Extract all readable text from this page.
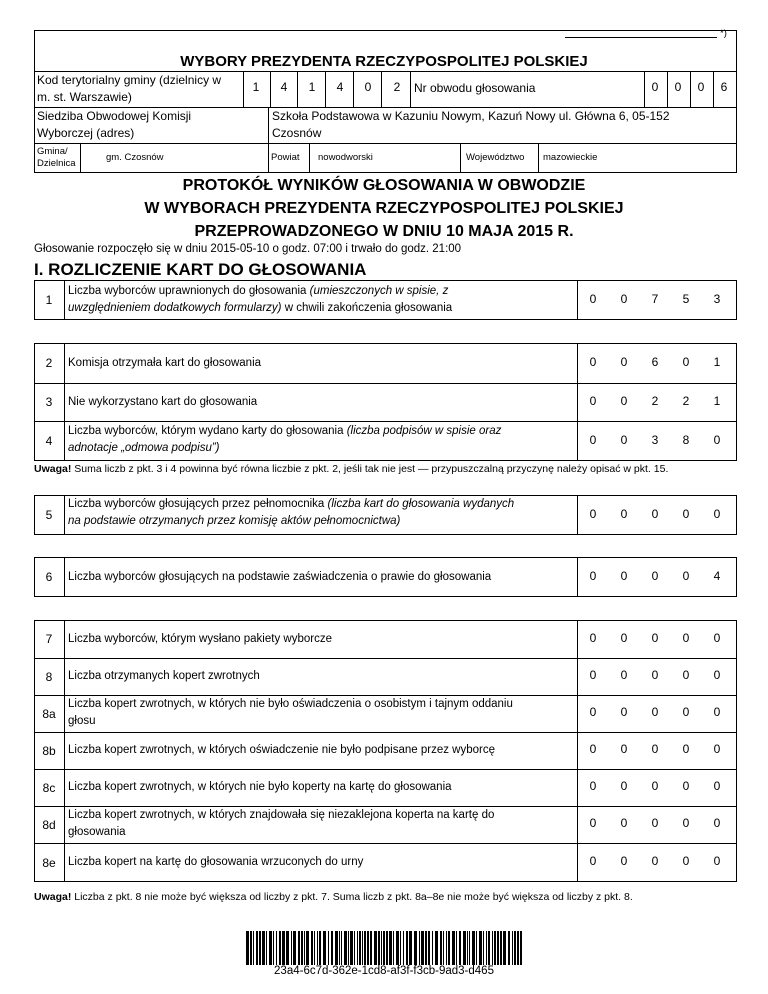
*)
WYBORY PREZYDENTA RZECZYPOSPOLITEJ POLSKIEJ
Kod terytorialny gminy (dzielnicy w
m. st. Warszawie)
1	4	1	4	0	2	Nr obwodu głosowania	0	0	0	6
Siedziba Obwodowej Komisji
Wyborczej (adres)
Szkoła Podstawowa w Kazuniu Nowym, Kazuń Nowy ul. Główna 6, 05-152
Czosnów
Gmina/
Dzielnica
gm. Czosnów	Powiat nowodworski	Województwo mazowieckie
PROTOKÓŁ WYNIKÓW GŁOSOWANIA W OBWODZIE
W WYBORACH PREZYDENTA RZECZYPOSPOLITEJ POLSKIEJ
PRZEPROWADZONEGO W DNIU 10 MAJA 2015 R.
Głosowanie rozpoczęło się w dniu 2015-05-10 o godz. 07:00 i trwało do godz. 21:00
I. ROZLICZENIE KART DO GŁOSOWANIA
1
Liczba wyborców uprawnionych do głosowania (umieszczonych w spisie, z
uwzględnieniem dodatkowych formularzy) w chwili zakończenia głosowania
0	0	7	5	3
2	Komisja otrzymała kart do głosowania	0	0	6	0	1
3	Nie wykorzystano kart do głosowania	0	0	2	2	1
4
Liczba wyborców, którym wydano karty do głosowania (liczba podpisów w spisie oraz
adnotacje „odmowa podpisu”)
0	0	3	8	0
Uwaga! Suma liczb z pkt. 3 i 4 powinna być równa liczbie z pkt. 2, jeśli tak nie jest — przypuszczalną przyczynę należy opisać w pkt. 15.
5
Liczba wyborców głosujących przez pełnomocnika (liczba kart do głosowania wydanych
na podstawie otrzymanych przez komisję aktów pełnomocnictwa)	0	0	0	0	0
6	Liczba wyborców głosujących na podstawie zaświadczenia o prawie do głosowania	0	0	0	0	4
7	Liczba wyborców, którym wysłano pakiety wyborcze	0	0	0	0	0
8	Liczba otrzymanych kopert zwrotnych	0	0	0	0	0
8a
Liczba kopert zwrotnych, w których nie było oświadczenia o osobistym i tajnym oddaniu
głosu
0	0	0	0	0
8b	Liczba kopert zwrotnych, w których oświadczenie nie było podpisane przez wyborcę	0	0	0	0	0
8c	Liczba kopert zwrotnych, w których nie było koperty na kartę do głosowania	0	0	0	0	0
8d
Liczba kopert zwrotnych, w których znajdowała się niezaklejona koperta na kartę do
głosowania
0	0	0	0	0
8e	Liczba kopert na kartę do głosowania wrzuconych do urny	0	0	0	0	0
Uwaga! Liczba z pkt. 8 nie może być większa od liczby z pkt. 7. Suma liczb z pkt. 8a–8e nie może być większa od liczby z pkt. 8.
23a4-6c7d-362e-1cd8-af3f-f3cb-9ad3-d465
